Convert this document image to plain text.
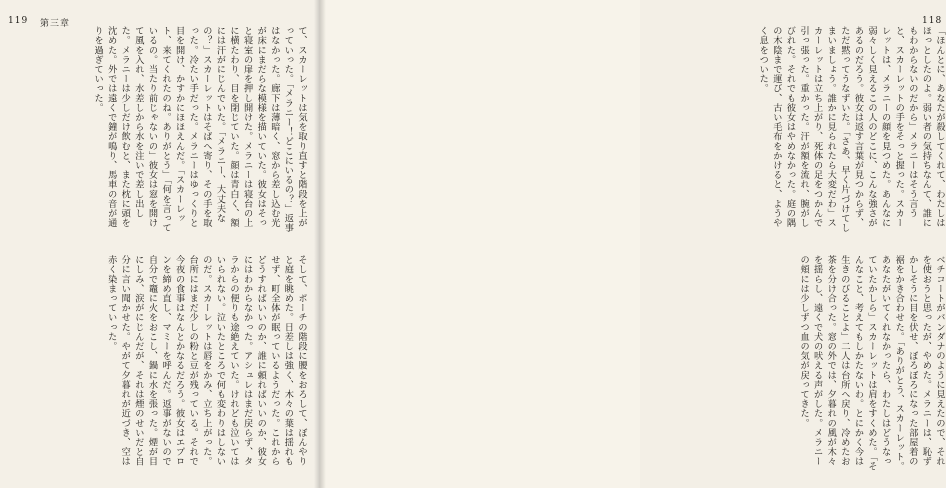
119 第三章
て、スカーレットは気を取り直すと階段を上がっていった。「メラニー！どこにいるの？」返事はなかった。廊下は薄暗く、窓から差し込む光が床にまだらな模様を描いていた。彼女はそっと寝室の扉を押し開けた。メラニーは寝台の上に横たわり、目を閉じていた。顔は青白く、額には汗がにじんでいた。「メラニー、大丈夫なの？」スカーレットはそばへ寄り、その手を取った。冷たい手だった。メラニーはゆっくりと目を開け、かすかにほほえんだ。「スカーレット、来てくれたのね。ありがとう」「何を言っているの。当たり前じゃないの」彼女は窓を開けて風を入れ、水差しから水を注いで差し出した。メラニーは少しだけ飲むと、また枕に頭を沈めた。外では遠くで鐘が鳴り、馬車の音が通りを過ぎていった。
そして、ポーチの階段に腰をおろして、ぼんやりと庭を眺めた。日差しは強く、木々の葉は揺れもせず、町全体が眠っているようだった。これからどうすればいいのか、誰に頼ればいいのか、彼女にはわからなかった。アシュレはまだ戻らず、タラからの便りも途絶えていた。けれども泣いてはいられない。泣いたところで何も変わりはしないのだ。スカーレットは唇をかみ、立ち上がった。台所にはまだ少しの粉と豆が残っている。それで今夜の食事はなんとかなるだろう。彼女はエプロンを締め直し、マミーを呼んだ。返事がないので自分で竈に火をおこし、鍋に水を張った。煙が目にしみ、涙がにじんだが、それは煙のせいだと自分に言い聞かせた。やがて夕暮れが近づき、空は赤く染まっていった。
118
「ほんとに、あなたが殺してくれて、わたしはほっとしたのよ。弱い者の気持ちなんて、誰にもわからないのだから」メラニーはそう言うと、スカーレットの手をそっと握った。スカーレットは、メラニーの顔を見つめた。あんなに弱々しく見えるこの人のどこに、こんな強さがあるのだろう。彼女は返す言葉が見つからず、ただ黙ってうなずいた。「さあ、早く片づけてしまいましょう。誰かに見られたら大変だわ」スカーレットは立ち上がり、死体の足をつかんで引っ張った。重かった。汗が額を流れ、腕がしびれた。それでも彼女はやめなかった。庭の隅の木陰まで運び、古い毛布をかけると、ようやく息をついた。
ベチコートがバンダナのように見えたので、それを使おうと思ったが、やめた。メラニーは、恥ずかしそうに目を伏せ、ぼろぼろになった部屋着の裾をかき合わせた。「ありがとう、スカーレット。あなたがいてくれなかったら、わたしはどうなっていたかしら」スカーレットは肩をすくめた。「そんなこと、考えてもしかたないわ。とにかく今は生きのびることよ」二人は台所へ戻り、冷めたお茶を分け合った。窓の外では、夕暮れの風が木々を揺らし、遠くで犬の吠える声がした。メラニーの頬には少しずつ血の気が戻ってきた。
